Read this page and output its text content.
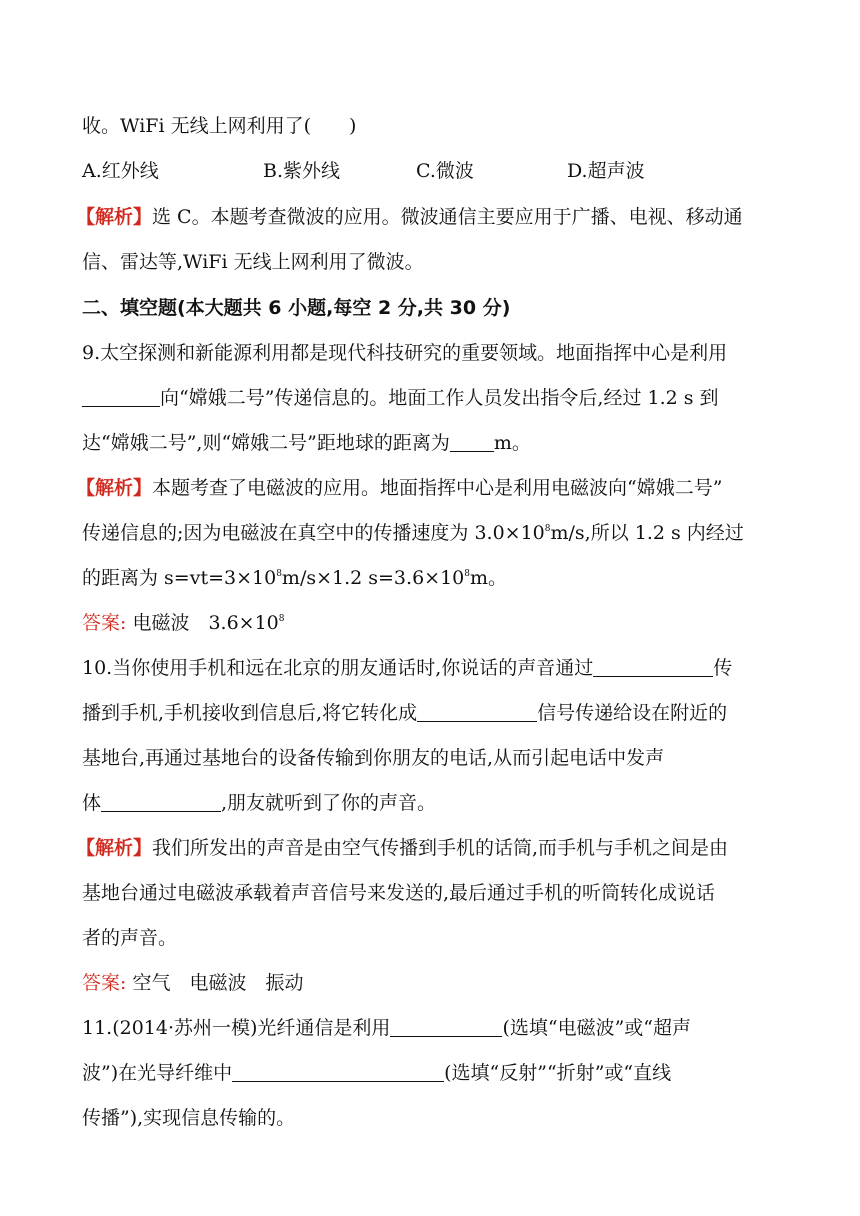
收。WiFi 无线上网利用了(　　)
A.红外线	B.紫外线	C.微波	D.超声波
【解析】选 C。本题考查微波的应用。微波通信主要应用于广播、电视、移动通
信、雷达等,WiFi 无线上网利用了微波。
二、填空题(本大题共 6 小题,每空 2 分,共 30 分)
9.太空探测和新能源利用都是现代科技研究的重要领域。地面指挥中心是利用
向“嫦娥二号”传递信息的。地面工作人员发出指令后,经过 1.2 s 到
达“嫦娥二号”,则“嫦娥二号”距地球的距离为 m。
【解析】本题考查了电磁波的应用。地面指挥中心是利用电磁波向“嫦娥二号”
传递信息的;因为电磁波在真空中的传播速度为 $3.0\times 10^8m/s$,所以 1.2 s 内经过
的距离为 $s=vt=3\times 10^8m/s\times 1.2$ $s=3.6\times 10^8m$。
答案: 电磁波　$3.6\times 10^8$
10.当你使用手机和远在北京的朋友通话时,你说话的声音通过	传
播到手机,手机接收到信息后,将它转化成	信号传递给设在附近的
基地台,再通过基地台的设备传输到你朋友的电话,从而引起电话中发声
体	,朋友就听到了你的声音。
【解析】我们所发出的声音是由空气传播到手机的话筒,而手机与手机之间是由
基地台通过电磁波承载着声音信号来发送的,最后通过手机的听筒转化成说话
者的声音。
答案: 空气　电磁波　振动
11.(2014·苏州一模)光纤通信是利用	(选填“电磁波”或“超声
波”)在光导纤维中	(选填“反射”“折射”或“直线
传播”),实现信息传输的。
